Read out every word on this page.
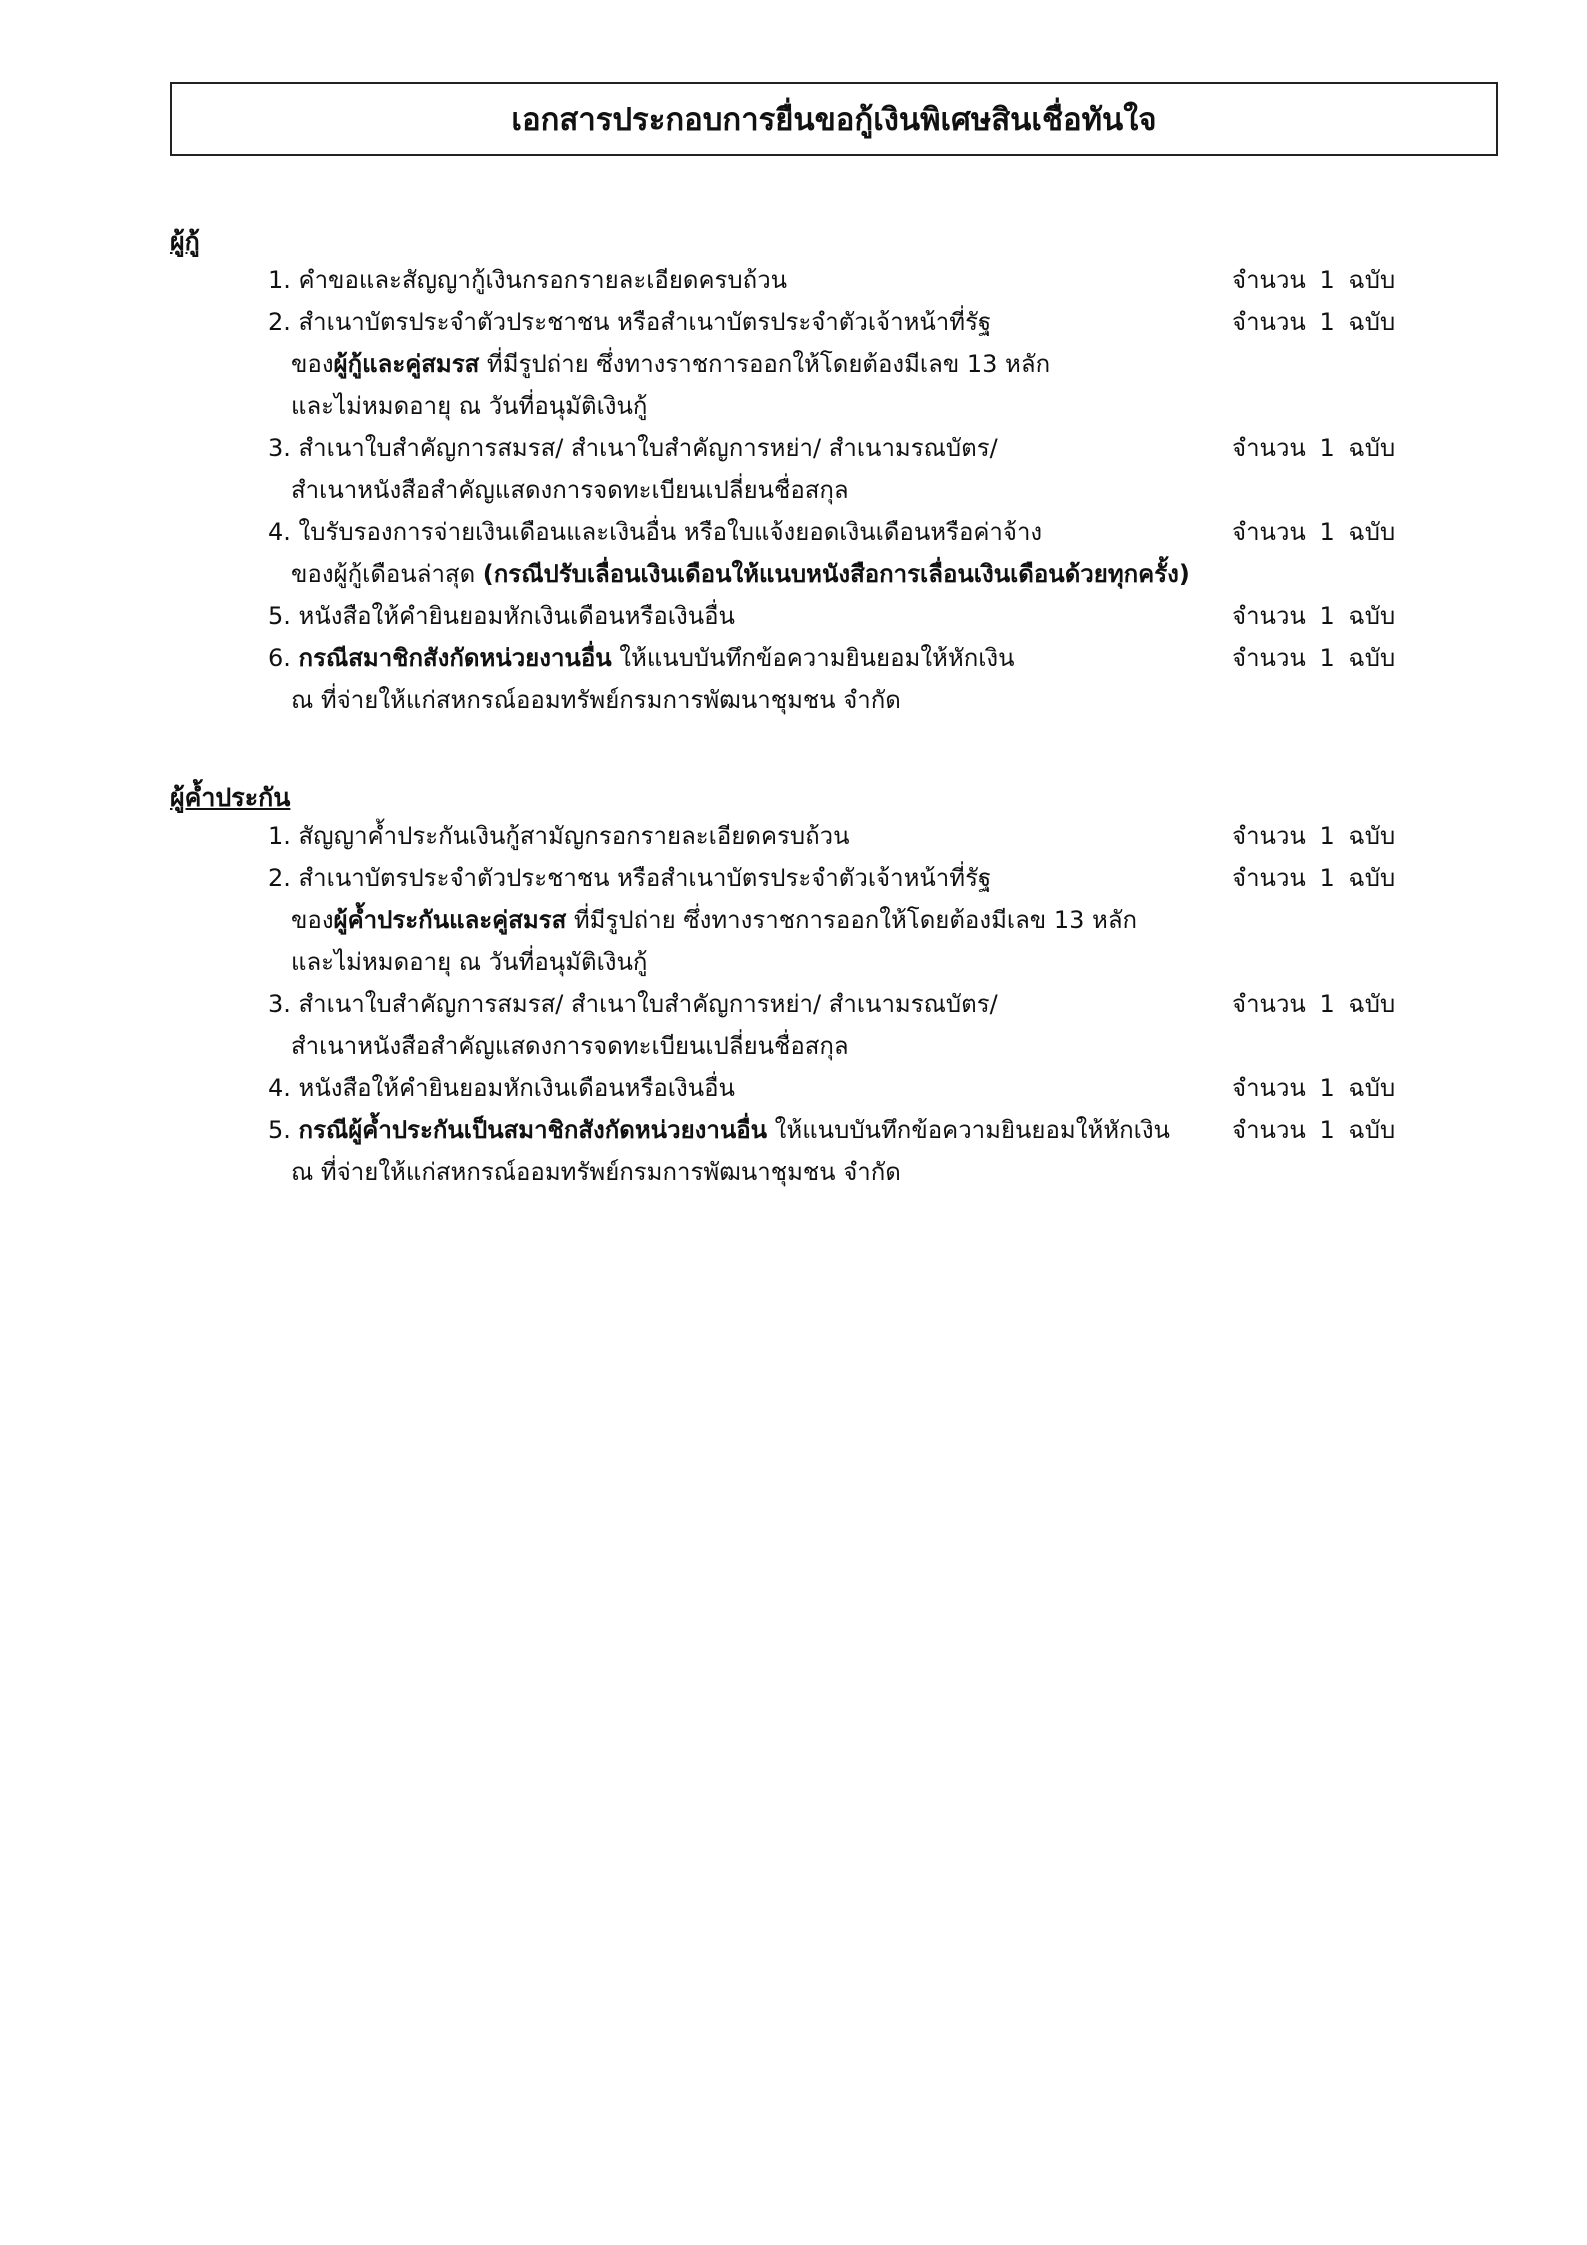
เอกสารประกอบการยื่นขอกู้เงินพิเศษสินเชื่อทันใจ
ผู้กู้
1. คำขอและสัญญากู้เงินกรอกรายละเอียดครบถ้วน	จำนวน 1 ฉบับ
2. สำเนาบัตรประจำตัวประชาชน หรือสำเนาบัตรประจำตัวเจ้าหน้าที่รัฐ	จำนวน 1 ฉบับ
ของผู้กู้และคู่สมรส ที่มีรูปถ่าย ซึ่งทางราชการออกให้โดยต้องมีเลข 13 หลัก
และไม่หมดอายุ ณ วันที่อนุมัติเงินกู้
3. สำเนาใบสำคัญการสมรส/ สำเนาใบสำคัญการหย่า/ สำเนามรณบัตร/	จำนวน 1 ฉบับ
สำเนาหนังสือสำคัญแสดงการจดทะเบียนเปลี่ยนชื่อสกุล
4. ใบรับรองการจ่ายเงินเดือนและเงินอื่น หรือใบแจ้งยอดเงินเดือนหรือค่าจ้าง	จำนวน 1 ฉบับ
ของผู้กู้เดือนล่าสุด (กรณีปรับเลื่อนเงินเดือนให้แนบหนังสือการเลื่อนเงินเดือนด้วยทุกครั้ง)
5. หนังสือให้คำยินยอมหักเงินเดือนหรือเงินอื่น	จำนวน 1 ฉบับ
6. กรณีสมาชิกสังกัดหน่วยงานอื่น ให้แนบบันทึกข้อความยินยอมให้หักเงิน	จำนวน 1 ฉบับ
ณ ที่จ่ายให้แก่สหกรณ์ออมทรัพย์กรมการพัฒนาชุมชน จำกัด
ผู้ค้ำประกัน
1. สัญญาค้ำประกันเงินกู้สามัญกรอกรายละเอียดครบถ้วน	จำนวน 1 ฉบับ
2. สำเนาบัตรประจำตัวประชาชน หรือสำเนาบัตรประจำตัวเจ้าหน้าที่รัฐ	จำนวน 1 ฉบับ
ของผู้ค้ำประกันและคู่สมรส ที่มีรูปถ่าย ซึ่งทางราชการออกให้โดยต้องมีเลข 13 หลัก
และไม่หมดอายุ ณ วันที่อนุมัติเงินกู้
3. สำเนาใบสำคัญการสมรส/ สำเนาใบสำคัญการหย่า/ สำเนามรณบัตร/	จำนวน 1 ฉบับ
สำเนาหนังสือสำคัญแสดงการจดทะเบียนเปลี่ยนชื่อสกุล
4. หนังสือให้คำยินยอมหักเงินเดือนหรือเงินอื่น	จำนวน 1 ฉบับ
5. กรณีผู้ค้ำประกันเป็นสมาชิกสังกัดหน่วยงานอื่น ให้แนบบันทึกข้อความยินยอมให้หักเงิน	จำนวน 1 ฉบับ
ณ ที่จ่ายให้แก่สหกรณ์ออมทรัพย์กรมการพัฒนาชุมชน จำกัด
